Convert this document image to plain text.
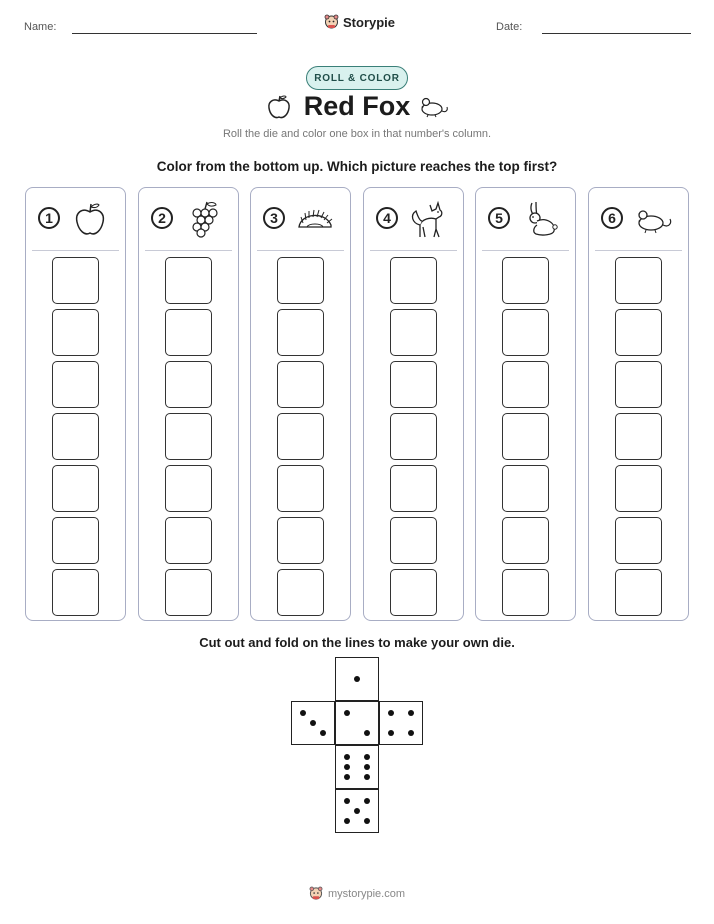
Name:	Storypie	Date:
ROLL & COLOR
Red Fox
Roll the die and color one box in that number's column.
Color from the bottom up. Which picture reaches the top first?
1	2	3	4	5	6
Cut out and fold on the lines to make your own die.
mystorypie.com
